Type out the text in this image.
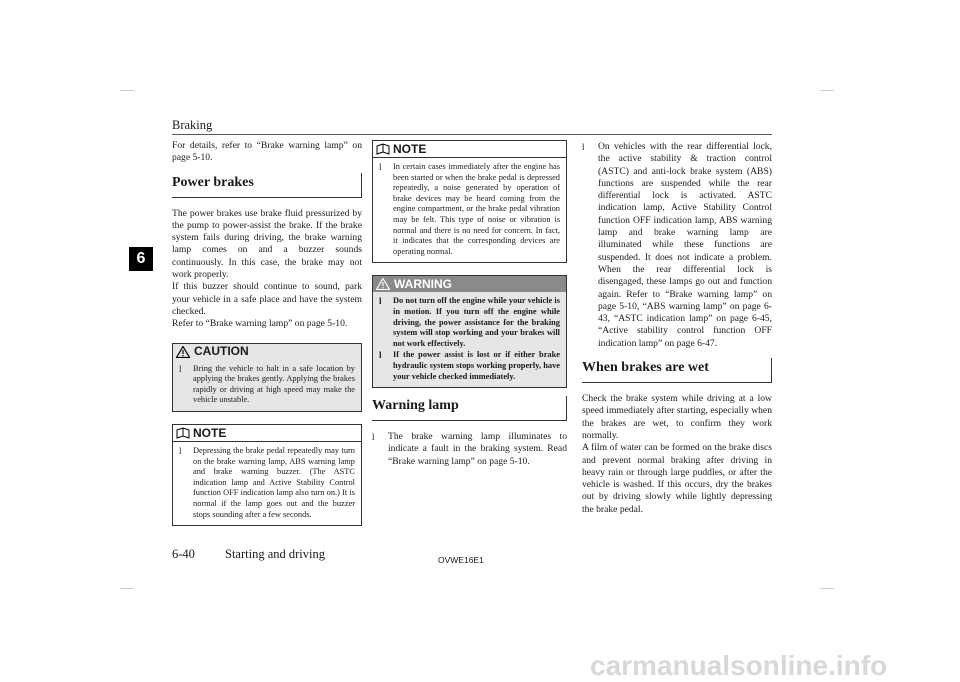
Braking
6

For details, refer to “Brake warning lamp” on page 5-10.

Power brakes

The power brakes use brake fluid pressurized by the pump to power-assist the brake. If the brake system fails during driving, the brake warning lamp comes on and a buzzer sounds continuously. In this case, the brake may not work properly.

If this buzzer should continue to sound, park your vehicle in a safe place and have the system checked.

Refer to “Brake warning lamp” on page 5-10.

CAUTION
l	Bring the vehicle to halt in a safe location by applying the brakes gently. Applying the brakes rapidly or driving at high speed may make the vehicle unstable.
NOTE
l	Depressing the brake pedal repeatedly may turn on the brake warning lamp, ABS warning lamp and brake warning buzzer. (The ASTC indication lamp and Active Stability Control function OFF indication lamp also turn on.) It is normal if the lamp goes out and the buzzer stops sounding after a few seconds.
NOTE
l	In certain cases immediately after the engine has been started or when the brake pedal is depressed repeatedly, a noise generated by operation of brake devices may be heard coming from the engine compartment, or the brake pedal vibration may be felt. This type of noise or vibration is normal and there is no need for concern. In fact, it indicates that the corresponding devices are operating normal.
WARNING
l	Do not turn off the engine while your vehicle is in motion. If you turn off the engine while driving, the power assistance for the braking system will stop working and your brakes will not work effectively.
l	If the power assist is lost or if either brake hydraulic system stops working properly, have your vehicle checked immediately.
Warning lamp
l	The brake warning lamp illuminates to indicate a fault in the braking system. Read “Brake warning lamp” on page 5-10.
l	On vehicles with the rear differential lock, the active stability & traction control (ASTC) and anti-lock brake system (ABS) functions are suspended while the rear differential lock is activated. ASTC indication lamp, Active Stability Control function OFF indication lamp, ABS warning lamp and brake warning lamp are illuminated while these functions are suspended. It does not indicate a problem. When the rear differential lock is disengaged, these lamps go out and function again. Refer to “Brake warning lamp” on page 5-10, “ABS warning lamp” on page 6-43, “ASTC indication lamp” on page 6-45, “Active stability control function OFF indication lamp” on page 6-47.
When brakes are wet

Check the brake system while driving at a low speed immediately after starting, especially when the brakes are wet, to confirm they work normally.

A film of water can be formed on the brake discs and prevent normal braking after driving in heavy rain or through large puddles, or after the vehicle is washed. If this occurs, dry the brakes out by driving slowly while lightly depressing the brake pedal.

6-40 Starting and driving	OVWE16E1
carmanualsonline.info
